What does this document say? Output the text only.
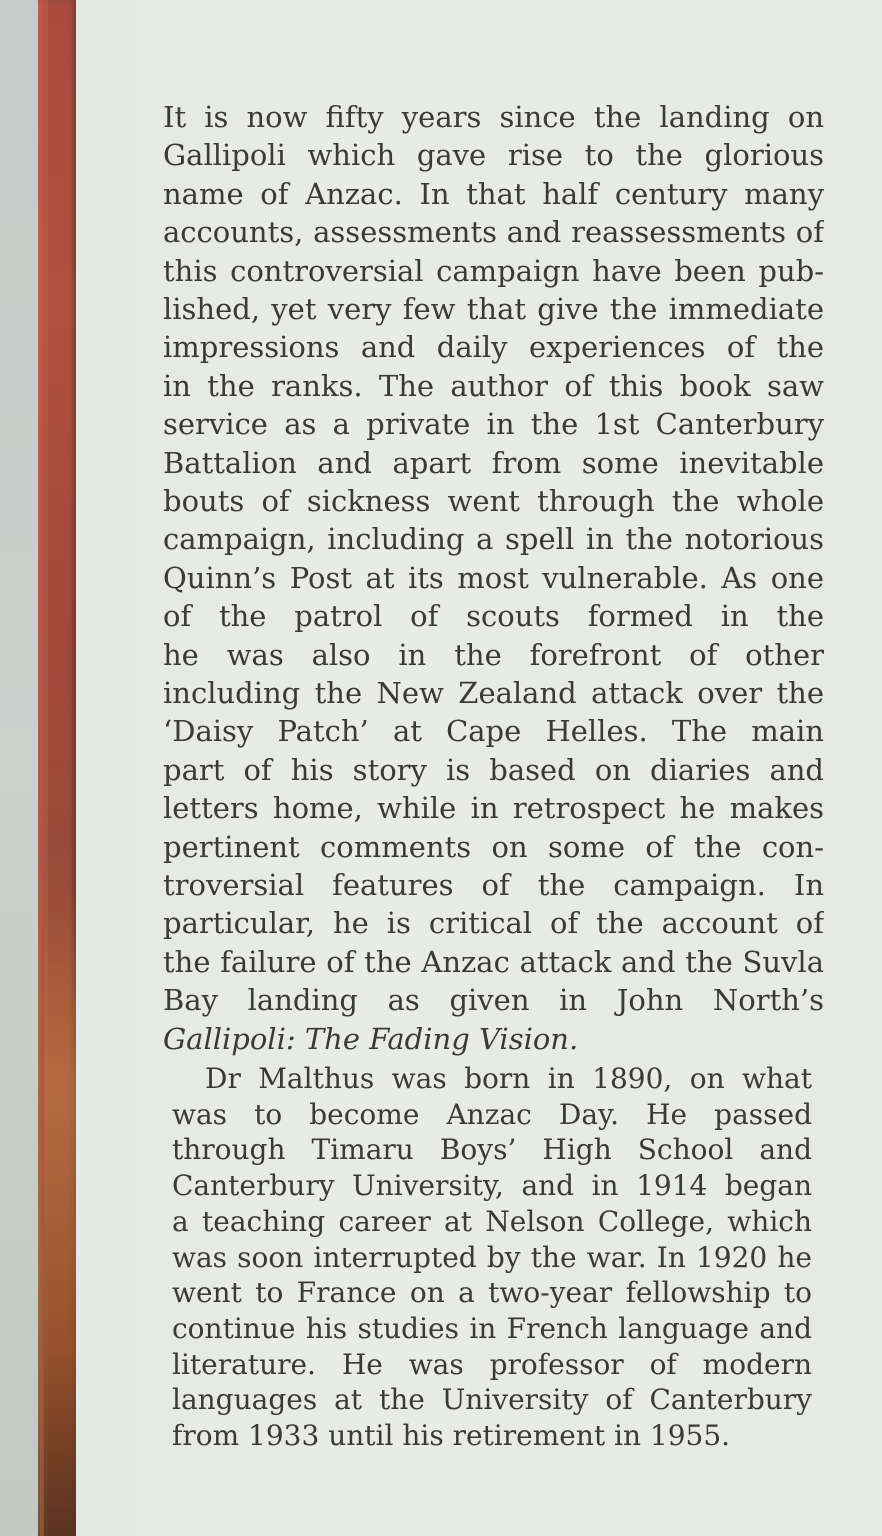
It is now fifty years since the landing on
Gallipoli which gave rise to the glorious
name of Anzac. In that half century many
accounts, assessments and reassessments of
this controversial campaign have been pub-
lished, yet very few that give the immediate
impressions and daily experiences of the
in the ranks. The author of this book saw
service as a private in the 1st Canterbury
Battalion and apart from some inevitable
bouts of sickness went through the whole
campaign, including a spell in the notorious
Quinn’s Post at its most vulnerable. As one
of the patrol of scouts formed in the
he was also in the forefront of other
including the New Zealand attack over the
‘Daisy Patch’ at Cape Helles. The main
part of his story is based on diaries and
letters home, while in retrospect he makes
pertinent comments on some of the con-
troversial features of the campaign. In
particular, he is critical of the account of
the failure of the Anzac attack and the Suvla
Bay landing as given in John North’s
Gallipoli: The Fading Vision.
Dr Malthus was born in 1890, on what
was to become Anzac Day. He passed
through Timaru Boys’ High School and
Canterbury University, and in 1914 began
a teaching career at Nelson College, which
was soon interrupted by the war. In 1920 he
went to France on a two-year fellowship to
continue his studies in French language and
literature. He was professor of modern
languages at the University of Canterbury
from 1933 until his retirement in 1955.
